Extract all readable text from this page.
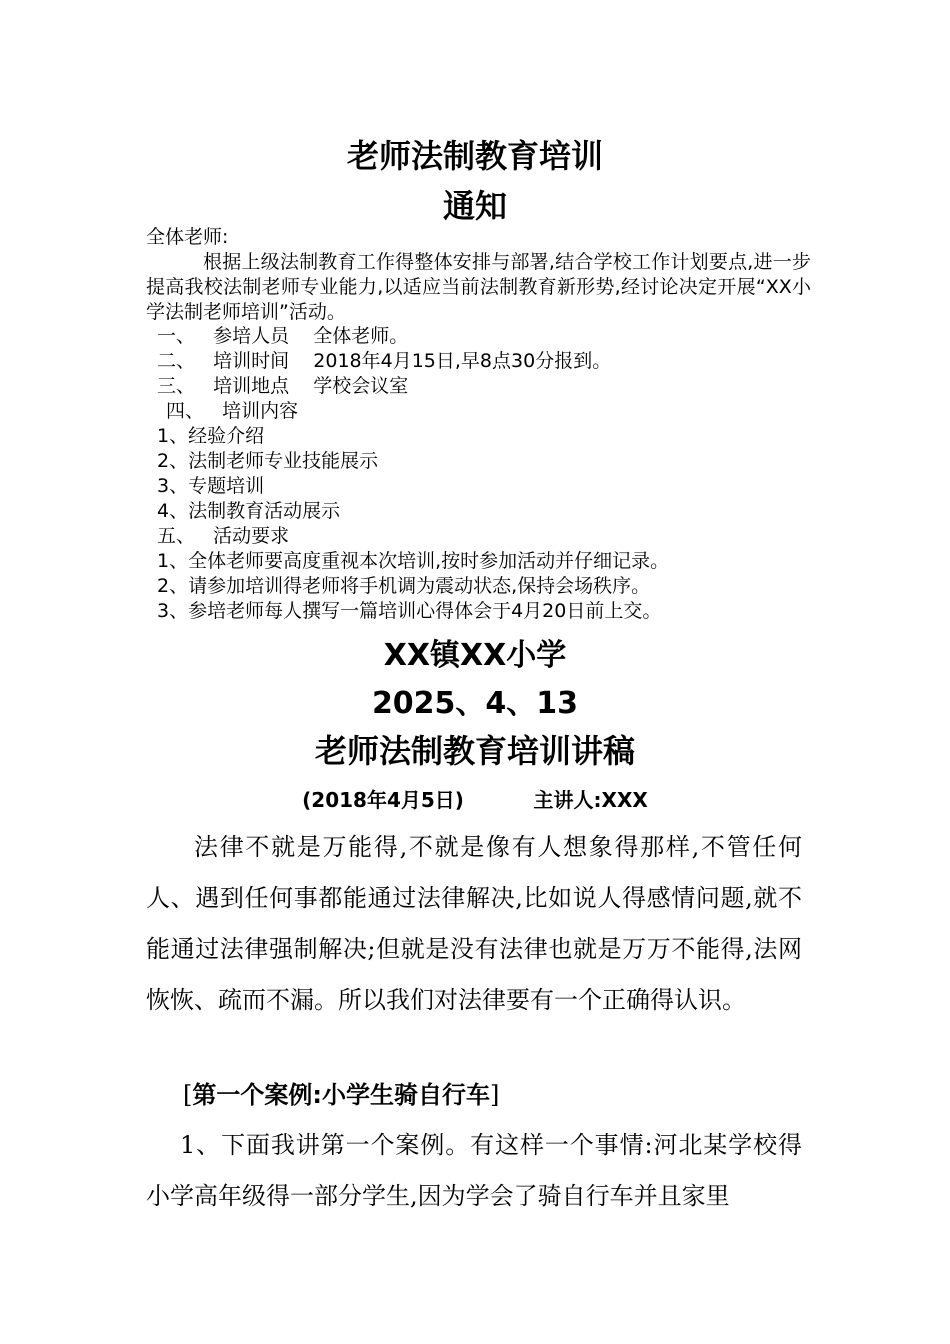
老师法制教育培训
通知
全体老师:
根据上级法制教育工作得整体安排与部署,结合学校工作计划要点,进一步提高我校法制老师专业能力,以适应当前法制教育新形势,经讨论决定开展“XX小学法制老师培训”活动。
一、   参培人员    全体老师。
二、   培训时间    2018年4月15日,早8点30分报到。
三、   培训地点    学校会议室
四、   培训内容
1、经验介绍
2、法制老师专业技能展示
3、专题培训
4、法制教育活动展示
五、   活动要求
1、全体老师要高度重视本次培训,按时参加活动并仔细记录。
2、请参加培训得老师将手机调为震动状态,保持会场秩序。
3、参培老师每人撰写一篇培训心得体会于4月20日前上交。
XX镇XX小学
2025、4、13
老师法制教育培训讲稿
(2018年4月5日)          主讲人:XXX
法律不就是万能得,不就是像有人想象得那样,不管任何人、遇到任何事都能通过法律解决,比如说人得感情问题,就不能通过法律强制解决;但就是没有法律也就是万万不能得,法网恢恢、疏而不漏。所以我们对法律要有一个正确得认识。
[第一个案例:小学生骑自行车]
1、下面我讲第一个案例。有这样一个事情:河北某学校得小学高年级得一部分学生,因为学会了骑自行车并且家里
